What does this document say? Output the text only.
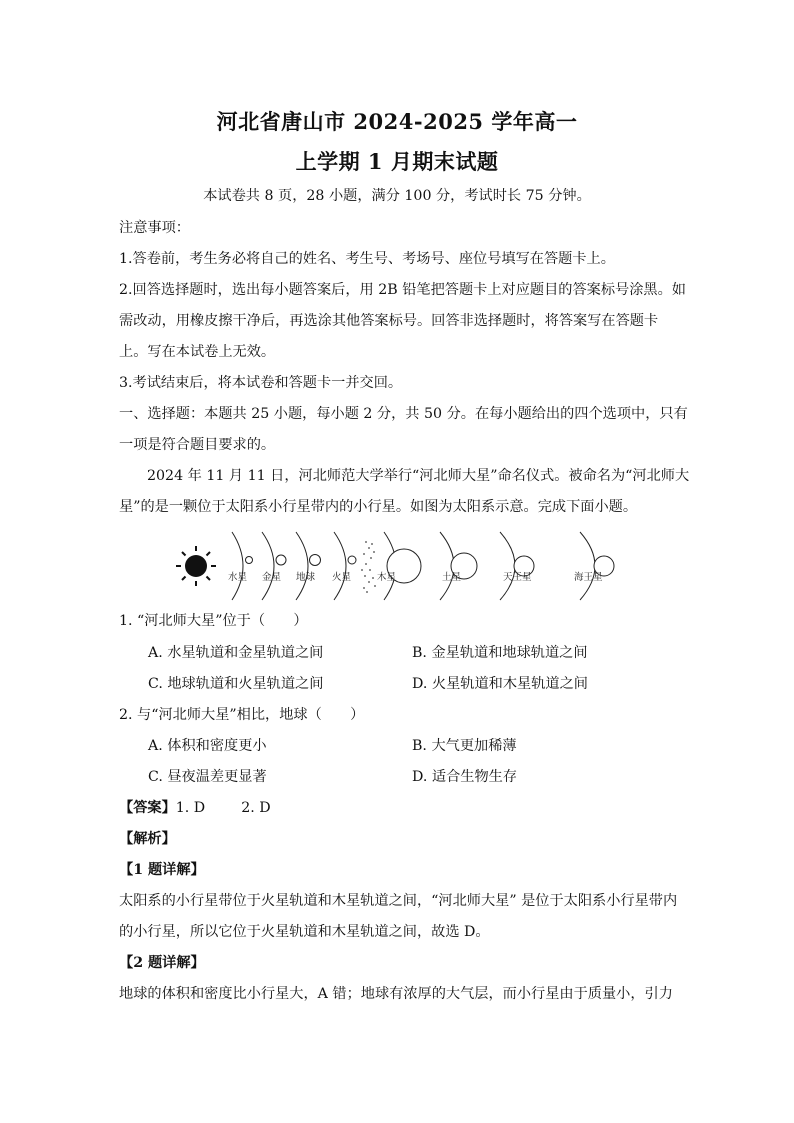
河北省唐山市 2024-2025 学年高一
上学期 1 月期末试题
本试卷共 8 页，28 小题，满分 100 分，考试时长 75 分钟。
注意事项：
1.答卷前，考生务必将自己的姓名、考生号、考场号、座位号填写在答题卡上。
2.回答选择题时，选出每小题答案后，用 2B 铅笔把答题卡上对应题目的答案标号涂黑。如
需改动，用橡皮擦干净后，再选涂其他答案标号。回答非选择题时，将答案写在答题卡
上。写在本试卷上无效。
3.考试结束后，将本试卷和答题卡一并交回。
一、选择题：本题共 25 小题，每小题 2 分，共 50 分。在每小题给出的四个选项中，只有
一项是符合题目要求的。
2024 年 11 月 11 日，河北师范大学举行“河北师大星”命名仪式。被命名为“河北师大
星”的是一颗位于太阳系小行星带内的小行星。如图为太阳系示意。完成下面小题。
水星 金星 地球 火星	木星	土星	天王星	海王星
1. “河北师大星”位于（　　）
A. 水星轨道和金星轨道之间	B. 金星轨道和地球轨道之间
C. 地球轨道和火星轨道之间	D. 火星轨道和木星轨道之间
2. 与“河北师大星”相比，地球（　　）
A. 体积和密度更小	B. 大气更加稀薄
C. 昼夜温差更显著	D. 适合生物生存
【答案】1. D        2. D
【解析】
【1 题详解】
太阳系的小行星带位于火星轨道和木星轨道之间，“河北师大星” 是位于太阳系小行星带内
的小行星，所以它位于火星轨道和木星轨道之间，故选 D。
【2 题详解】
地球的体积和密度比小行星大，A 错；地球有浓厚的大气层，而小行星由于质量小，引力
